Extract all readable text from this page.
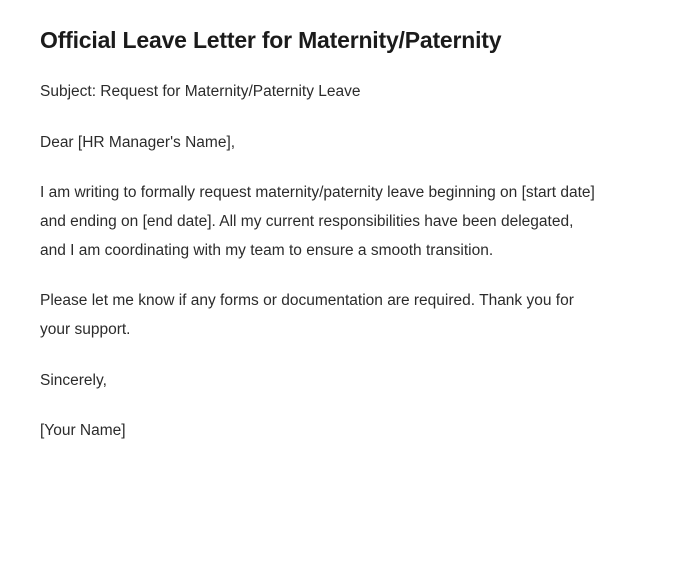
Official Leave Letter for Maternity/Paternity

Subject: Request for Maternity/Paternity Leave

Dear [HR Manager's Name],

I am writing to formally request maternity/paternity leave beginning on [start date] and ending on [end date]. All my current responsibilities have been delegated, and I am coordinating with my team to ensure a smooth transition.

Please let me know if any forms or documentation are required. Thank you for your support.

Sincerely,

[Your Name]
